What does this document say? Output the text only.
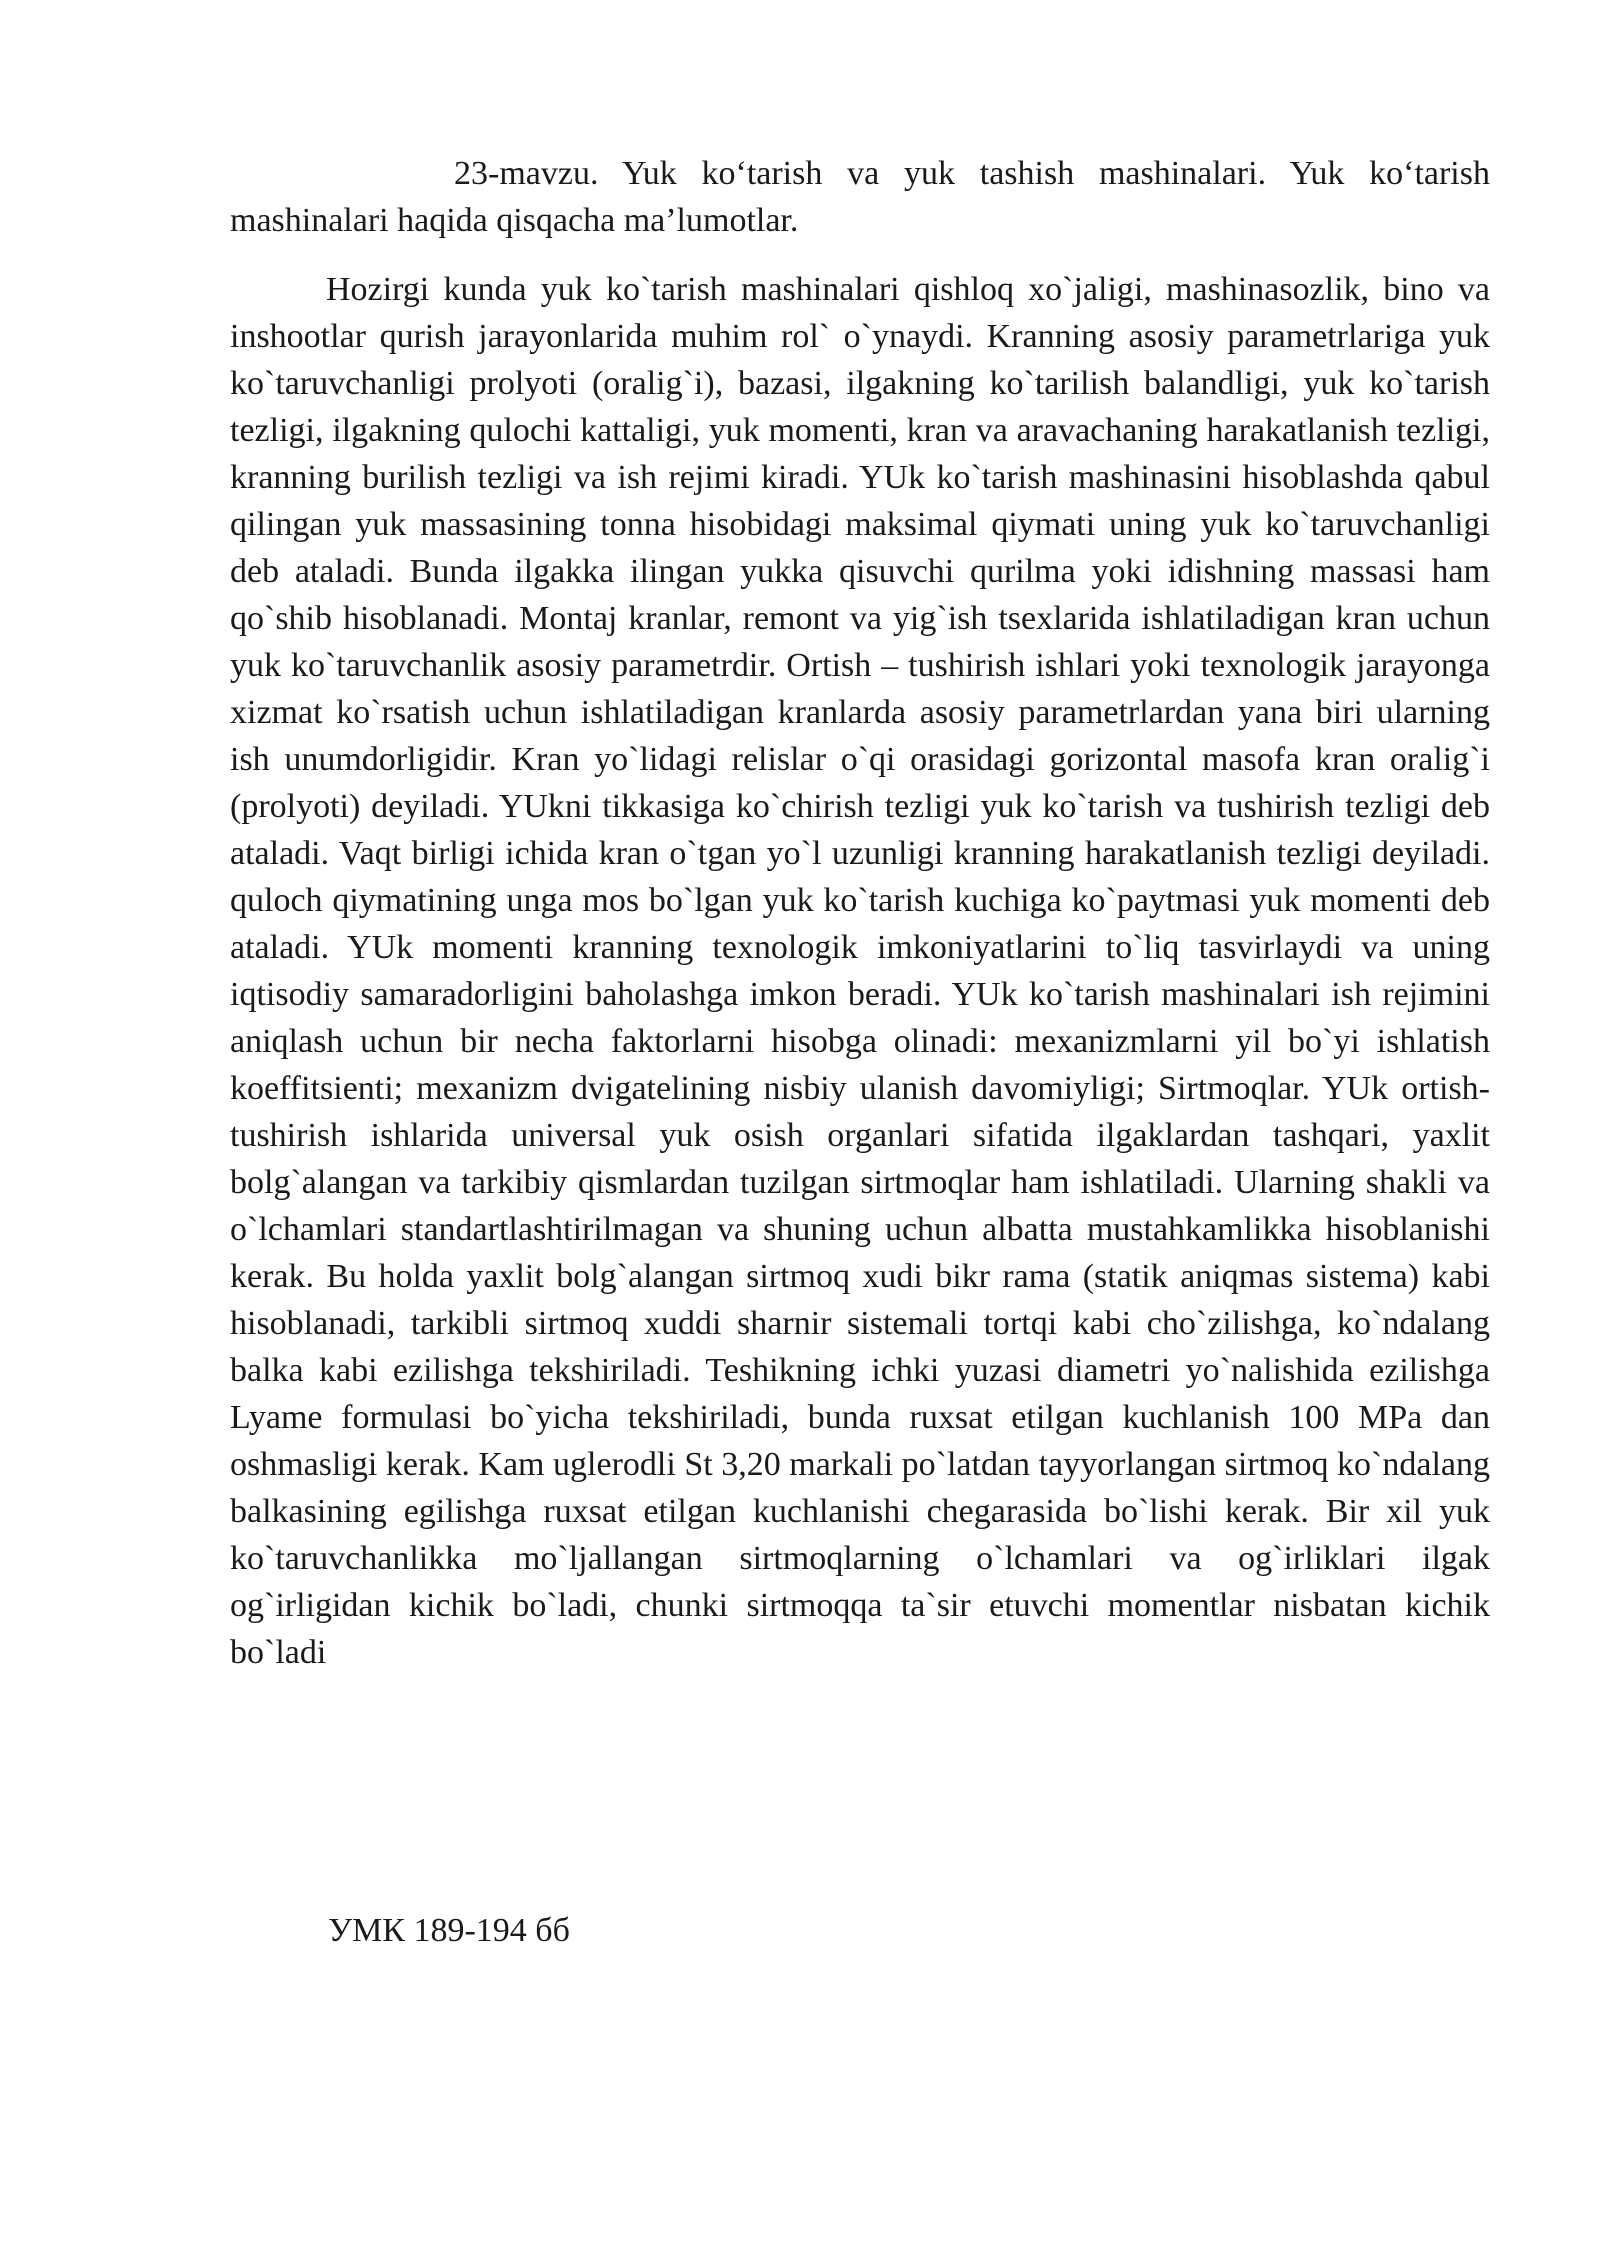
23-mavzu. Yuk ko‘tarish va yuk tashish mashinalari. Yuk ko‘tarish mashinalari haqida qisqacha ma’lumotlar.

Hozirgi kunda yuk ko`tarish mashinalari qishloq xo`jaligi, mashinasozlik, bino va inshootlar qurish jarayonlarida muhim rol` o`ynaydi. Kranning asosiy parametrlariga yuk ko`taruvchanligi prolyoti (oralig`i), bazasi, ilgakning ko`tarilish balandligi, yuk ko`tarish tezligi, ilgakning qulochi kattaligi, yuk momenti, kran va aravachaning harakatlanish tezligi, kranning burilish tezligi va ish rejimi kiradi. YUk ko`tarish mashinasini hisoblashda qabul qilingan yuk massasining tonna hisobidagi maksimal qiymati uning yuk ko`taruvchanligi deb ataladi. Bunda ilgakka ilingan yukka qisuvchi qurilma yoki idishning massasi ham qo`shib hisoblanadi. Montaj kranlar, remont va yig`ish tsexlarida ishlatiladigan kran uchun yuk ko`taruvchanlik asosiy parametrdir. Ortish – tushirish ishlari yoki texnologik jarayonga xizmat ko`rsatish uchun ishlatiladigan kranlarda asosiy parametrlardan yana biri ularning ish unumdorligidir. Kran yo`lidagi relislar o`qi orasidagi gorizontal masofa kran oralig`i (prolyoti) deyiladi. YUkni tikkasiga ko`chirish tezligi yuk ko`tarish va tushirish tezligi deb ataladi. Vaqt birligi ichida kran o`tgan yo`l uzunligi kranning harakatlanish tezligi deyiladi. quloch qiymatining unga mos bo`lgan yuk ko`tarish kuchiga ko`paytmasi yuk momenti deb ataladi. YUk momenti kranning texnologik imkoniyatlarini to`liq tasvirlaydi va uning iqtisodiy samaradorligini baholashga imkon beradi. YUk ko`tarish mashinalari ish rejimini aniqlash uchun bir necha faktorlarni hisobga olinadi: mexanizmlarni yil bo`yi ishlatish koeffitsienti; mexanizm dvigatelining nisbiy ulanish davomiyligi; Sirtmoqlar. YUk ortish-tushirish ishlarida universal yuk osish organlari sifatida ilgaklardan tashqari, yaxlit bolg`alangan va tarkibiy qismlardan tuzilgan sirtmoqlar ham ishlatiladi. Ularning shakli va o`lchamlari standartlashtirilmagan va shuning uchun albatta mustahkamlikka hisoblanishi kerak. Bu holda yaxlit bolg`alangan sirtmoq xudi bikr rama (statik aniqmas sistema) kabi hisoblanadi, tarkibli sirtmoq xuddi sharnir sistemali tortqi kabi cho`zilishga, ko`ndalang balka kabi ezilishga tekshiriladi. Teshikning ichki yuzasi diametri yo`nalishida ezilishga Lyame formulasi bo`yicha tekshiriladi, bunda ruxsat etilgan kuchlanish 100 MPa dan oshmasligi kerak. Kam uglerodli St 3,20 markali po`latdan tayyorlangan sirtmoq ko`ndalang balkasining egilishga ruxsat etilgan kuchlanishi chegarasida bo`lishi kerak. Bir xil yuk ko`taruvchanlikka mo`ljallangan sirtmoqlarning o`lchamlari va og`irliklari ilgak og`irligidan kichik bo`ladi, chunki sirtmoqqa ta`sir etuvchi momentlar nisbatan kichik bo`ladi

УМК 189-194 бб
